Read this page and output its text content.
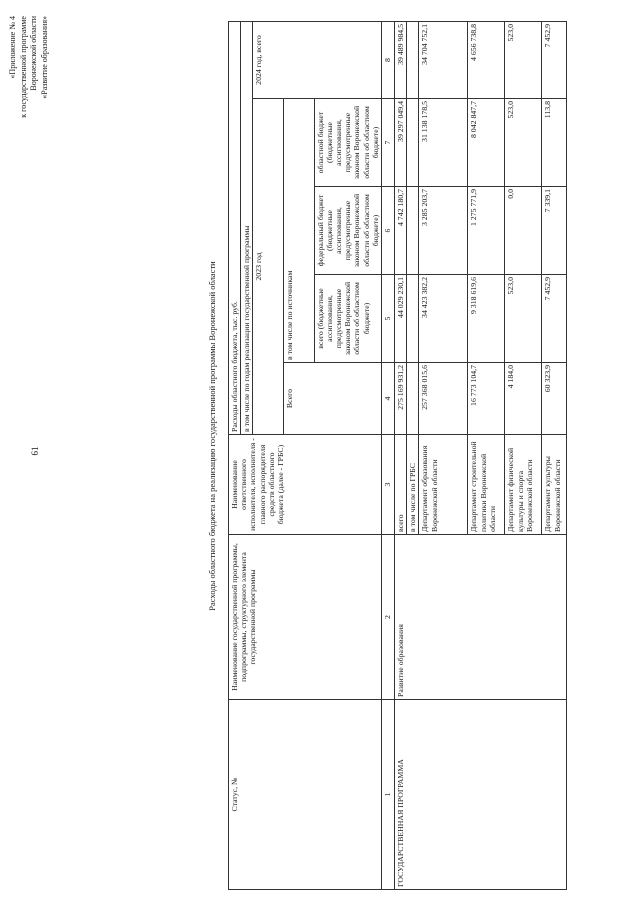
61
«Приложение № 4 к государственной программе Воронежской области «Развитие образования»
Расходы областного бюджета на реализацию государственной программы Воронежской области
Статус, №	Наименование государственной программы, подпрограммы, структурного элемента государственной программы	Наименование ответственного исполнителя, исполнителя - главного распорядителя средств областного бюджета (далее - ГРБС)	Расходы областного бюджета, тыс. руб.				
			в том числе по годам реализации государственной программы				
			2023 год				2024 год, всего
			Всего	в том числе по источникам			
				всего (бюджетные ассигнования, предусмотренные законом Воронежской области об областном бюджете)	федеральный бюджет (бюджетные ассигнования, предусмотренные законом Воронежской области об областном бюджете)	областной бюджет (бюджетные ассигнования, предусмотренные законом Воронежской области об областном бюджете)	
1	2	3	4	5	6	7	8
ГОСУДАРСТВЕННАЯ ПРОГРАММА	Развитие образования	всего	275 169 931,2	44 029 230,1	4 742 180,7	39 297 049,4	39 489 984,5
		в том числе по ГРБС					
		Департамент образования Воронежской области	257 368 015,6	34 423 382,2	3 285 203,7	31 138 178,5	34 704 752,1
		Департамент строительной политики Воронежской области	16 773 104,7	9 318 619,6	1 275 771,9	8 042 847,7	4 656 738,8
		Департамент физической культуры и спорта Воронежской области	4 184,0	523,0	0,0	523,0	523,0
		Департамент культуры Воронежской области	60 323,9	7 452,9	7 339,1	113,8	7 452,9
